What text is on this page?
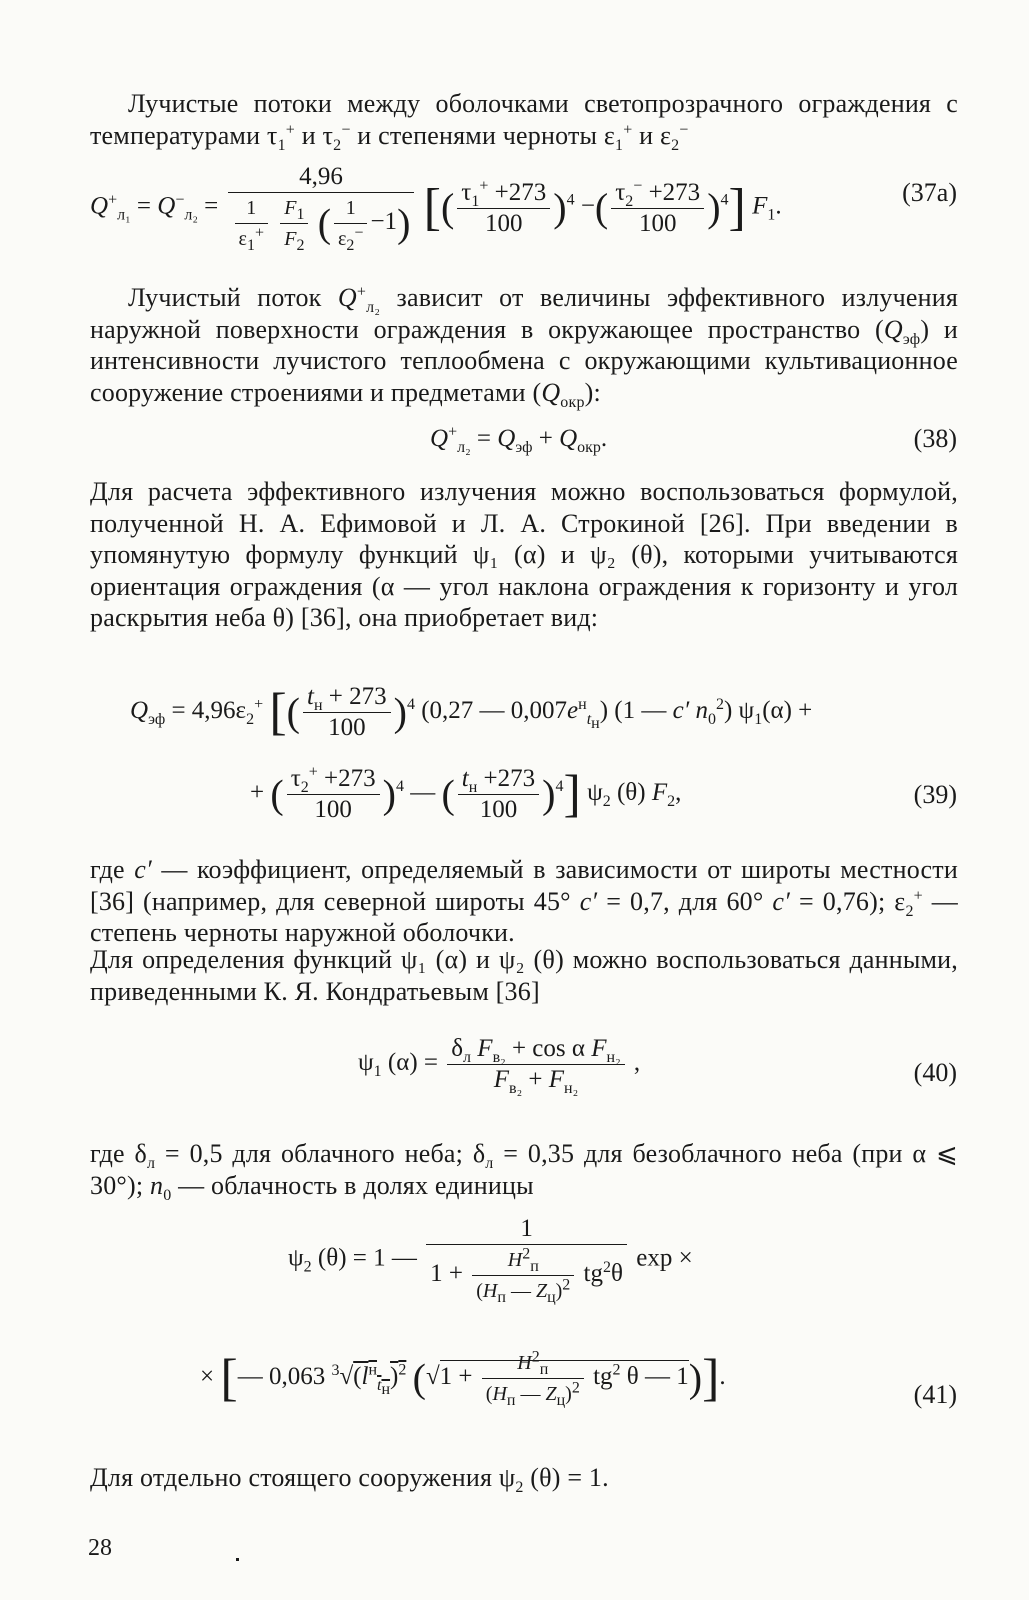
Лучистые потоки между оболочками светопрозрачного ограждения с температурами $\tau_1^+$ и $\tau_2^-$ и степенями черноты $\varepsilon_1^+$ и $\varepsilon_2^-$
$Q^+_{л_1} = Q^-_{л_2} = 4,96$
$\frac{1}{\varepsilon_1^+}$
$\frac{F_1}{F_2}$ ( $\frac{1}{\varepsilon_2^-} -1$) [( $\frac{\tau_1^+ +273}{100} )^4$ −( $\frac{\tau_2^- +273}{100} )^4$] $F_1$.	(37а)
Лучистый поток $Q^+_{л_2}$ зависит от величины эффективного излучения наружной поверхности ограждения в окружающее пространство $(Q_{эф})$ и интенсивности лучистого теплообмена с окружающими культивационное сооружение строениями и предметами $(Q_{окр})$:
$Q^+_{л_2} = Q_{эф} + Q_{окр}$.	(38)
Для расчета эффективного излучения можно воспользоваться формулой, полученной Н. А. Ефимовой и Л. А. Строкиной [26]. При введении в упомянутую формулу функций ψ₁ (α) и ψ₂ (θ), которыми учитываются ориентация ограждения (α — угол наклона ограждения к горизонту и угол раскрытия неба θ) [36], она приобретает вид:
$Q_{эф} = 4,96\varepsilon_2^+$ [( $\frac{t_н + 273}{100} )^4$ (0,27 — $0,007e^н_{t_н}$) (1 — c′ $n_0^2$) $\psi_1(\alpha)$ +
+ ( $\frac{\tau_2^+ +273}{100} )^4$ — ( $\frac{t_н +273}{100} )^4$] $\psi_2$ (θ) $F_2$,	(39)
где c′ — коэффициент, определяемый в зависимости от широты местности [36] (например, для северной широты 45° c′ = 0,7, для 60° c′ = 0,76); $\varepsilon_2^+$ — степень черноты наружной оболочки.
Для определения функций ψ₁ (α) и ψ₂ (θ) можно воспользоваться данными, приведенными К. Я. Кондратьевым [36]
$\psi_1$ $(\alpha) = \frac{\delta_л F_{в_2} + \cos \alpha F_{н_2}}{F_{в_2} + F_{н_2}}$ ,	(40)
где $\delta_л = 0,5$ для облачного неба; $\delta_л = 0,35$ для безоблачного неба (при α ⩽ 30°); $n_0$ — облачность в долях единицы
$\psi_2$ (θ) = 1 — $\frac{1}{1 + \frac{H^2_п}{(H_п — Z_ц)^2} tg^2\theta}$ exp ×
× [— 0,063 $^3√(l^н_{t_н})^2$ ($√1 + \frac{H^2_п}{(H_п — Z_ц)^2} tg^2$ θ — 1)].
(41)
Для отдельно стоящего сооружения $\psi_2$ (θ) = 1.
28
